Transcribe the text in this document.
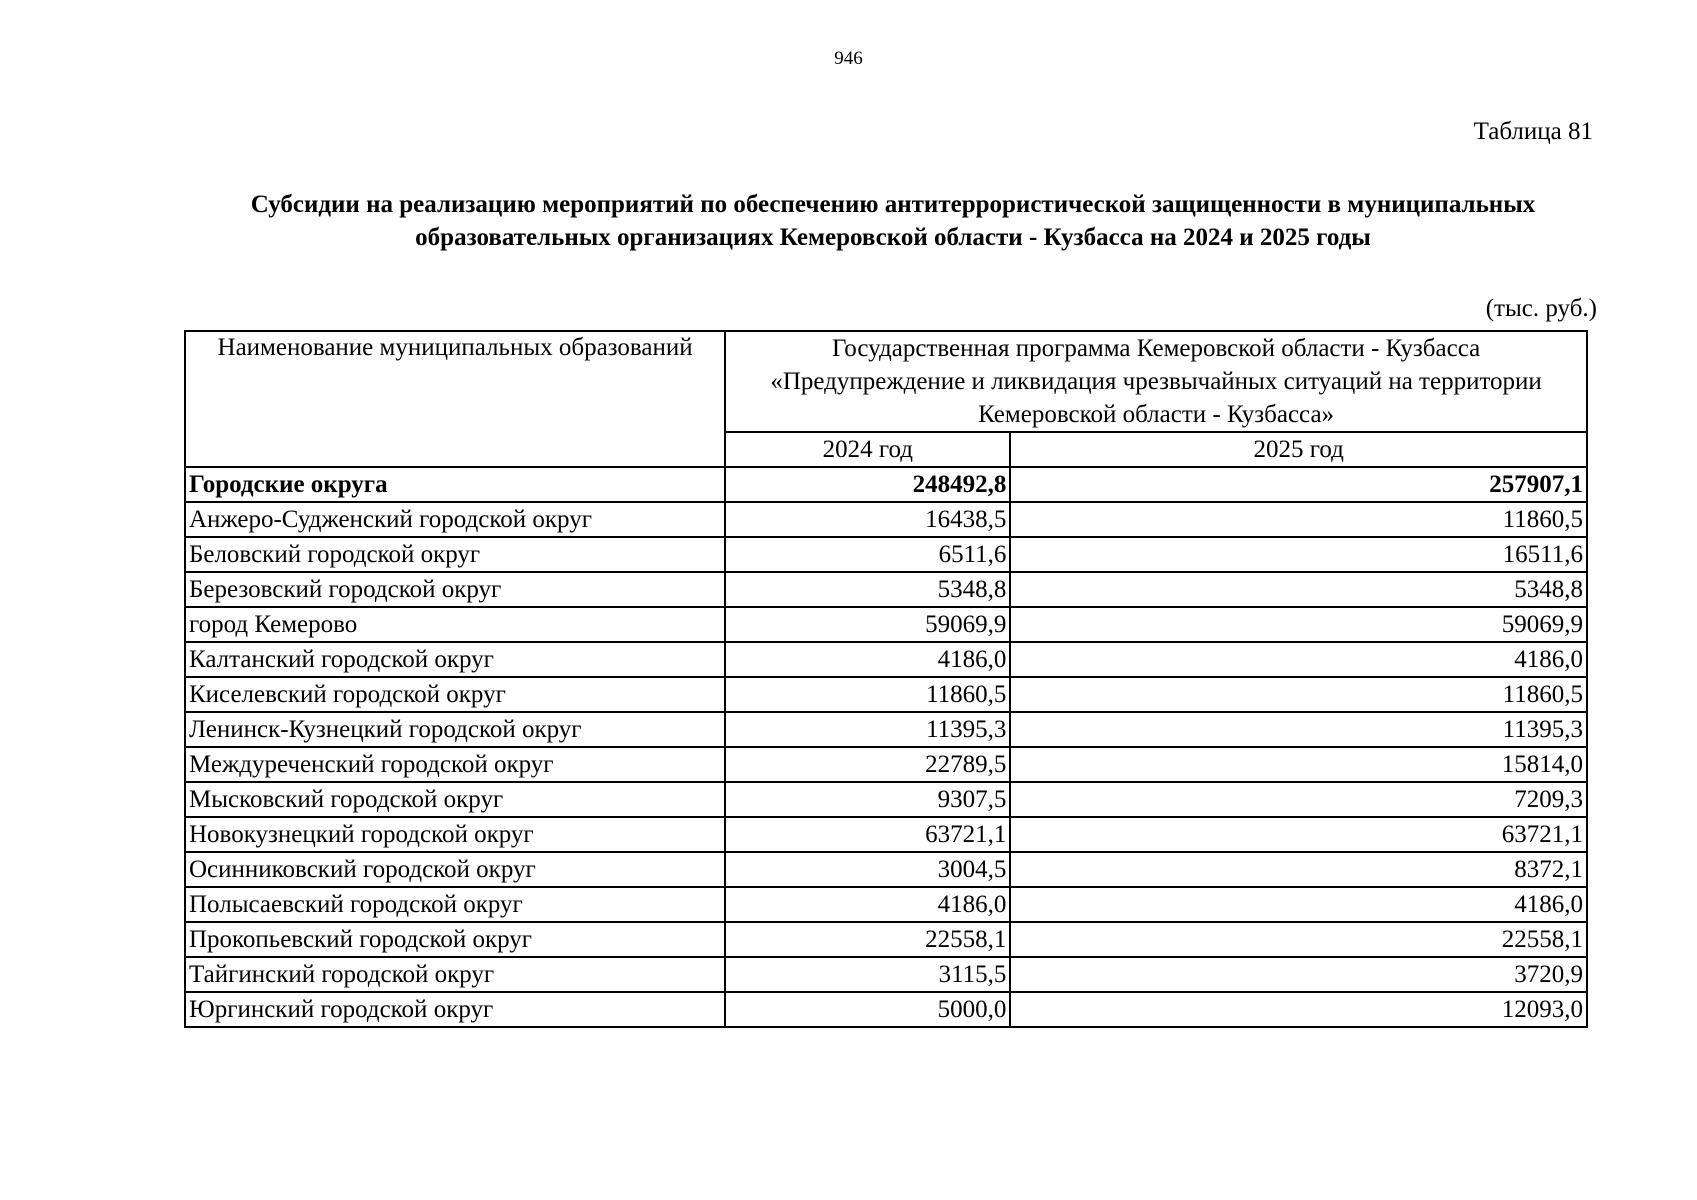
946
Таблица 81
Субсидии на реализацию мероприятий по обеспечению антитеррористической защищенности в муниципальных
образовательных организациях Кемеровской области - Кузбасса на 2024 и 2025 годы
(тыс. руб.)
Наименование муниципальных образований	Государственная программа Кемеровской области - Кузбасса
«Предупреждение и ликвидация чрезвычайных ситуаций на территории
Кемеровской области - Кузбасса»	

	2024 год	2025 год
Городские округа	248492,8	257907,1
Анжеро-Судженский городской округ	16438,5	11860,5
Беловский городской округ	6511,6	16511,6
Березовский городской округ	5348,8	5348,8
город Кемерово	59069,9	59069,9
Калтанский городской округ	4186,0	4186,0
Киселевский городской округ	11860,5	11860,5
Ленинск-Кузнецкий городской округ	11395,3	11395,3
Междуреченский городской округ	22789,5	15814,0
Мысковский городской округ	9307,5	7209,3
Новокузнецкий городской округ	63721,1	63721,1
Осинниковский городской округ	3004,5	8372,1
Полысаевский городской округ	4186,0	4186,0
Прокопьевский городской округ	22558,1	22558,1
Тайгинский городской округ	3115,5	3720,9
Юргинский городской округ	5000,0	12093,0
